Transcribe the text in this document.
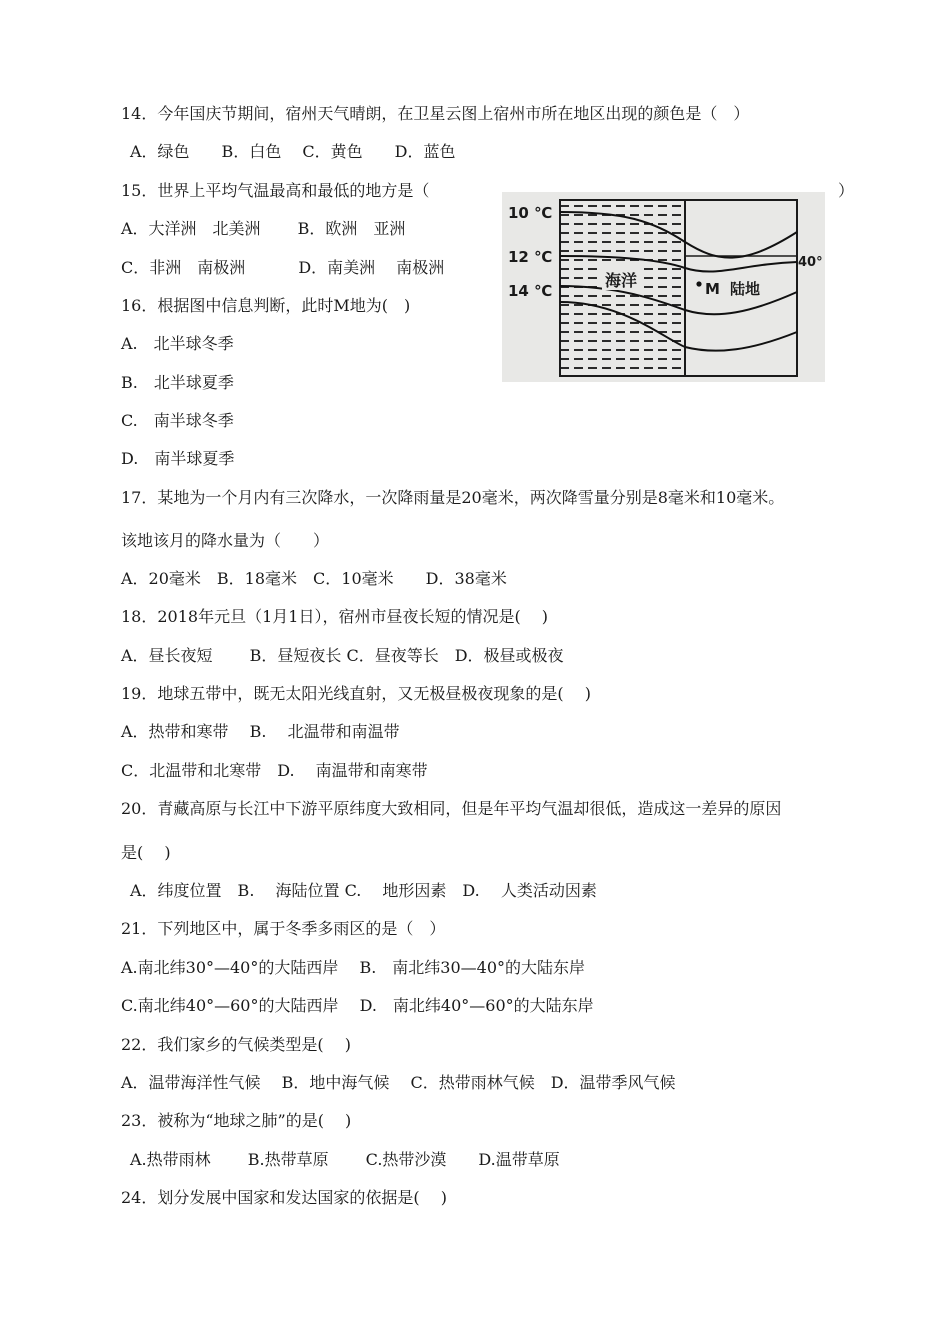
14．今年国庆节期间，宿州天气晴朗，在卫星云图上宿州市所在地区出现的颜色是（　）
A．绿色　　B．白色　 C．黄色　　D．蓝色
15．世界上平均气温最高和最低的地方是（	）
A．大洋洲　北美洲　　 B．欧洲　亚洲
C．非洲　南极洲　　　 D．南美洲　 南极洲
10 ℃
12 ℃
14 ℃
海洋	M 陆地
40°
16．根据图中信息判断，此时M地为(　)
A.　北半球冬季
B.　北半球夏季
C.　南半球冬季
D.　南半球夏季
17．某地为一个月内有三次降水，一次降雨量是20毫米，两次降雪量分别是8毫米和10毫米。
该地该月的降水量为（　　）
A．20毫米　B．18毫米　C．10毫米　　D．38毫米
18．2018年元旦（1月1日），宿州市昼夜长短的情况是(　 )
A．昼长夜短　　 B．昼短夜长 C．昼夜等长　D．极昼或极夜
19．地球五带中，既无太阳光线直射，又无极昼极夜现象的是(　 )
A．热带和寒带　 B.　 北温带和南温带
C．北温带和北寒带　D.　 南温带和南寒带
20．青藏高原与长江中下游平原纬度大致相同，但是年平均气温却很低，造成这一差异的原因
是(　 )
A．纬度位置　B.　 海陆位置 C.　 地形因素　D.　 人类活动因素
21．下列地区中，属于冬季多雨区的是（　）
A.南北纬30°—40°的大陆西岸　 B.　南北纬30—40°的大陆东岸
C.南北纬40°—60°的大陆西岸　 D.　南北纬40°—60°的大陆东岸
22．我们家乡的气候类型是(　 )
A．温带海洋性气候　 B．地中海气候　 C．热带雨林气候　D．温带季风气候
23．被称为“地球之肺”的是(　 )
A.热带雨林　　 B.热带草原　　 C.热带沙漠　　D.温带草原
24．划分发展中国家和发达国家的依据是(　 )
